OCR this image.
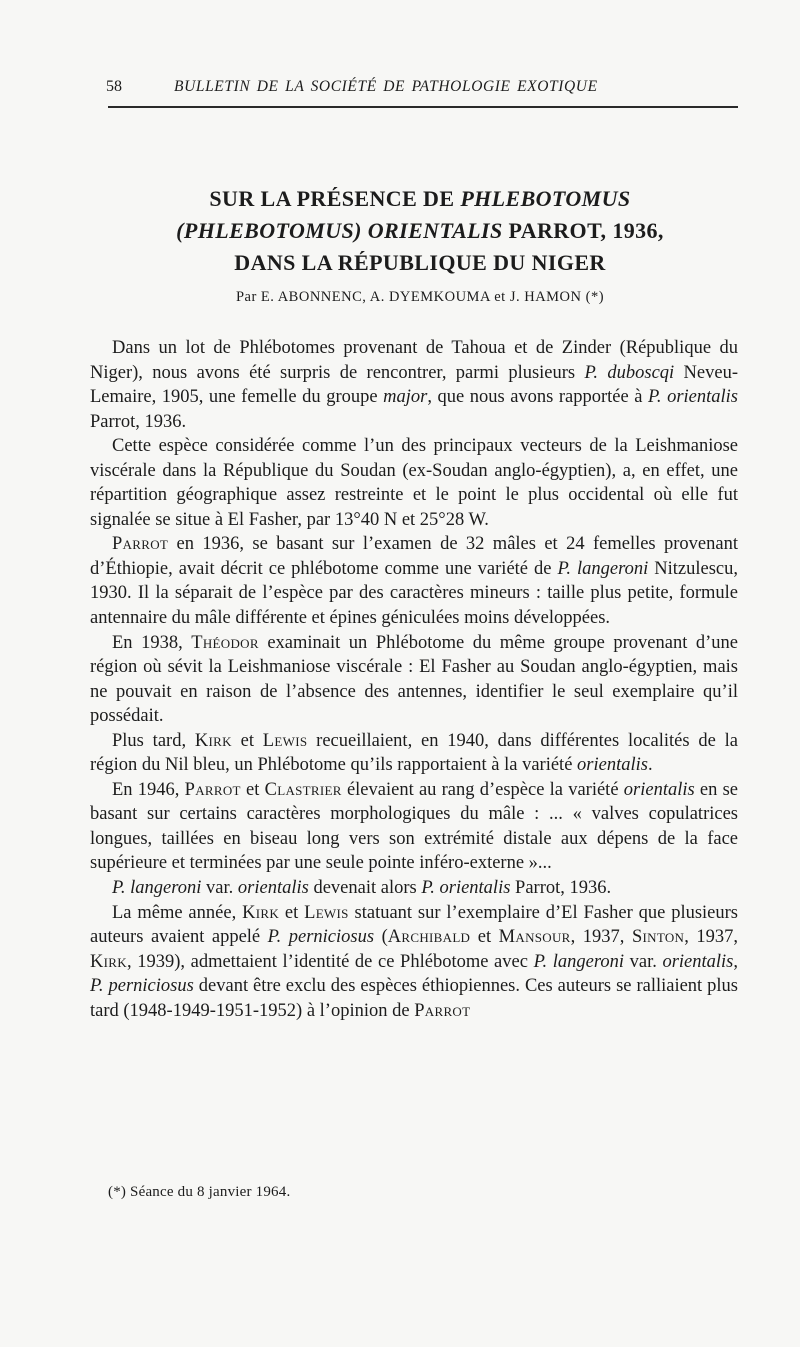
58	BULLETIN DE LA SOCIÉTÉ DE PATHOLOGIE EXOTIQUE
SUR LA PRÉSENCE DE PHLEBOTOMUS
(PHLEBOTOMUS) ORIENTALIS PARROT, 1936,
DANS LA RÉPUBLIQUE DU NIGER
Par E. ABONNENC, A. DYEMKOUMA et J. HAMON (*)

Dans un lot de Phlébotomes provenant de Tahoua et de Zinder (République du Niger), nous avons été surpris de rencontrer, parmi plusieurs P. duboscqi Neveu-Lemaire, 1905, une femelle du groupe major, que nous avons rapportée à P. orientalis Parrot, 1936.

Cette espèce considérée comme l’un des principaux vecteurs de la Leishmaniose viscérale dans la République du Soudan (ex-Soudan anglo-égyptien), a, en effet, une répartition géographique assez restreinte et le point le plus occidental où elle fut signalée se situe à El Fasher, par 13°40 N et 25°28 W.

Parrot en 1936, se basant sur l’examen de 32 mâles et 24 femelles provenant d’Éthiopie, avait décrit ce phlébotome comme une variété de P. langeroni Nitzulescu, 1930. Il la séparait de l’espèce par des caractères mineurs : taille plus petite, formule antennaire du mâle différente et épines géniculées moins développées.

En 1938, Théodor examinait un Phlébotome du même groupe provenant d’une région où sévit la Leishmaniose viscérale : El Fasher au Soudan anglo-égyptien, mais ne pouvait en raison de l’absence des antennes, identifier le seul exemplaire qu’il possédait.

Plus tard, Kirk et Lewis recueillaient, en 1940, dans différentes localités de la région du Nil bleu, un Phlébotome qu’ils rapportaient à la variété orientalis.

En 1946, Parrot et Clastrier élevaient au rang d’espèce la variété orientalis en se basant sur certains caractères morphologiques du mâle : ... « valves copulatrices longues, taillées en biseau long vers son extrémité distale aux dépens de la face supérieure et terminées par une seule pointe inféro-externe »...

P. langeroni var. orientalis devenait alors P. orientalis Parrot, 1936.

La même année, Kirk et Lewis statuant sur l’exemplaire d’El Fasher que plusieurs auteurs avaient appelé P. perniciosus (Archibald et Mansour, 1937, Sinton, 1937, Kirk, 1939), admettaient l’identité de ce Phlébotome avec P. langeroni var. orientalis, P. perniciosus devant être exclu des espèces éthiopiennes. Ces auteurs se ralliaient plus tard (1948-1949-1951-1952) à l’opinion de Parrot

(*) Séance du 8 janvier 1964.
